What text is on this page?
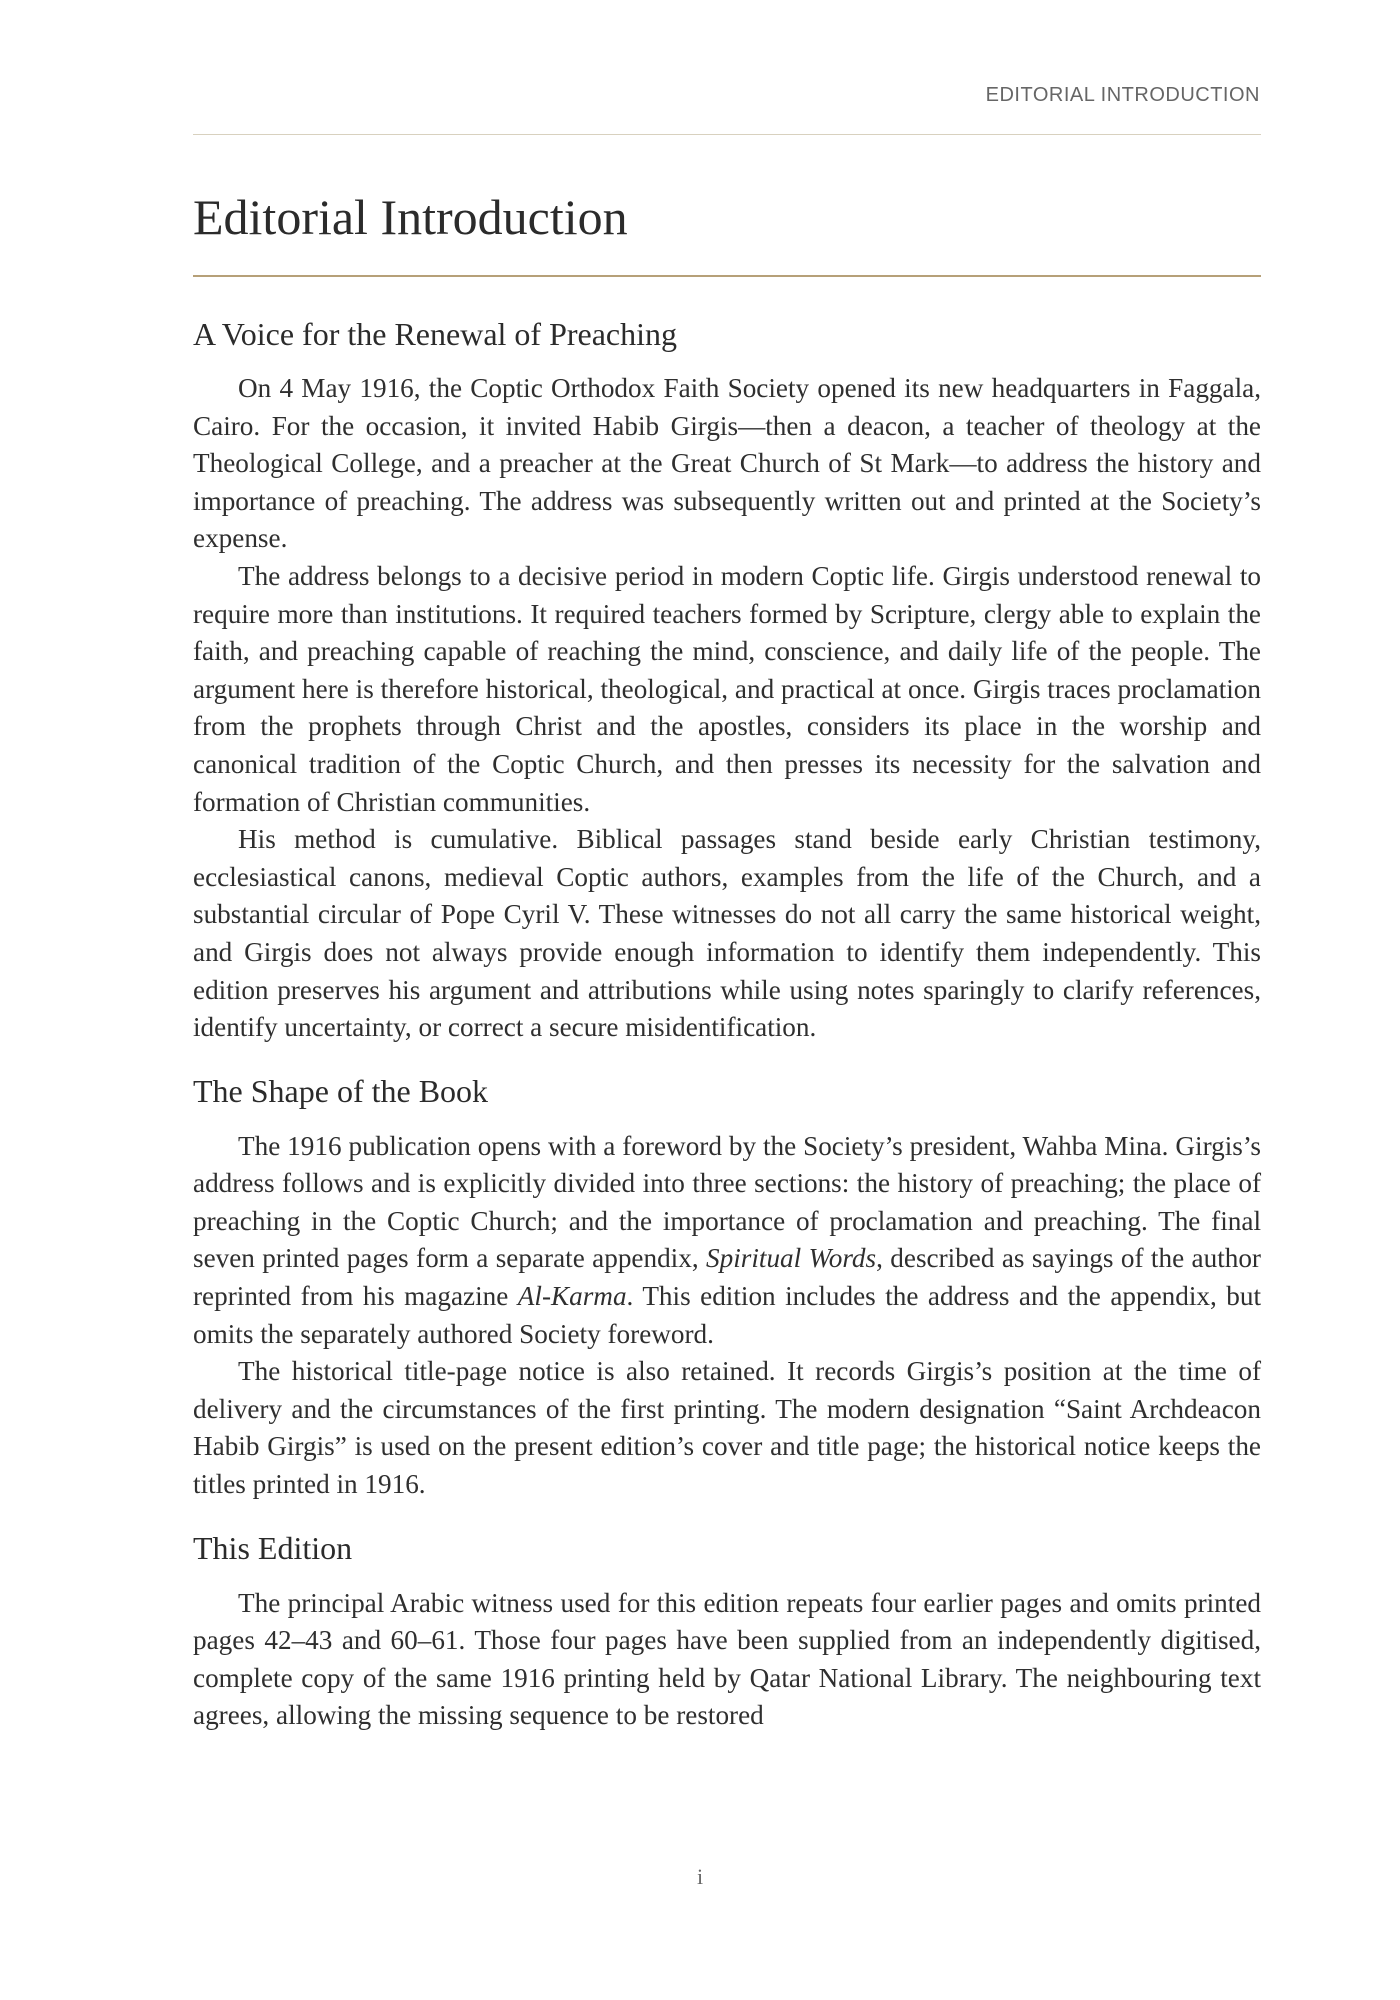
EDITORIAL INTRODUCTION
Editorial Introduction
A Voice for the Renewal of Preaching

On 4 May 1916, the Coptic Orthodox Faith Society opened its new headquarters in Faggala, Cairo. For the occasion, it invited Habib Girgis—then a deacon, a teacher of theology at the Theological College, and a preacher at the Great Church of St Mark—to address the history and importance of preaching. The address was subsequently written out and printed at the Society’s expense.

The address belongs to a decisive period in modern Coptic life. Girgis understood renewal to require more than institutions. It required teachers formed by Scripture, clergy able to explain the faith, and preaching capable of reaching the mind, conscience, and daily life of the people. The argument here is therefore historical, theological, and practical at once. Girgis traces proclamation from the prophets through Christ and the apostles, considers its place in the worship and canonical tradition of the Coptic Church, and then presses its necessity for the salvation and formation of Christian communities.

His method is cumulative. Biblical passages stand beside early Christian testimony, ecclesiastical canons, medieval Coptic authors, examples from the life of the Church, and a substantial circular of Pope Cyril V. These witnesses do not all carry the same historical weight, and Girgis does not always provide enough information to identify them independently. This edition preserves his argument and attributions while using notes sparingly to clarify references, identify uncertainty, or correct a secure misidentification.

The Shape of the Book

The 1916 publication opens with a foreword by the Society’s president, Wahba Mina. Girgis’s address follows and is explicitly divided into three sections: the history of preaching; the place of preaching in the Coptic Church; and the importance of proclamation and preaching. The final seven printed pages form a separate appendix, Spiritual Words, described as sayings of the author reprinted from his magazine Al-Karma. This edition includes the address and the appendix, but omits the separately authored Society foreword.

The historical title-page notice is also retained. It records Girgis’s position at the time of delivery and the circumstances of the first printing. The modern designation “Saint Archdeacon Habib Girgis” is used on the present edition’s cover and title page; the historical notice keeps the titles printed in 1916.

This Edition

The principal Arabic witness used for this edition repeats four earlier pages and omits printed pages 42–43 and 60–61. Those four pages have been supplied from an independently digitised, complete copy of the same 1916 printing held by Qatar National Library. The neighbouring text agrees, allowing the missing sequence to be restored

i
